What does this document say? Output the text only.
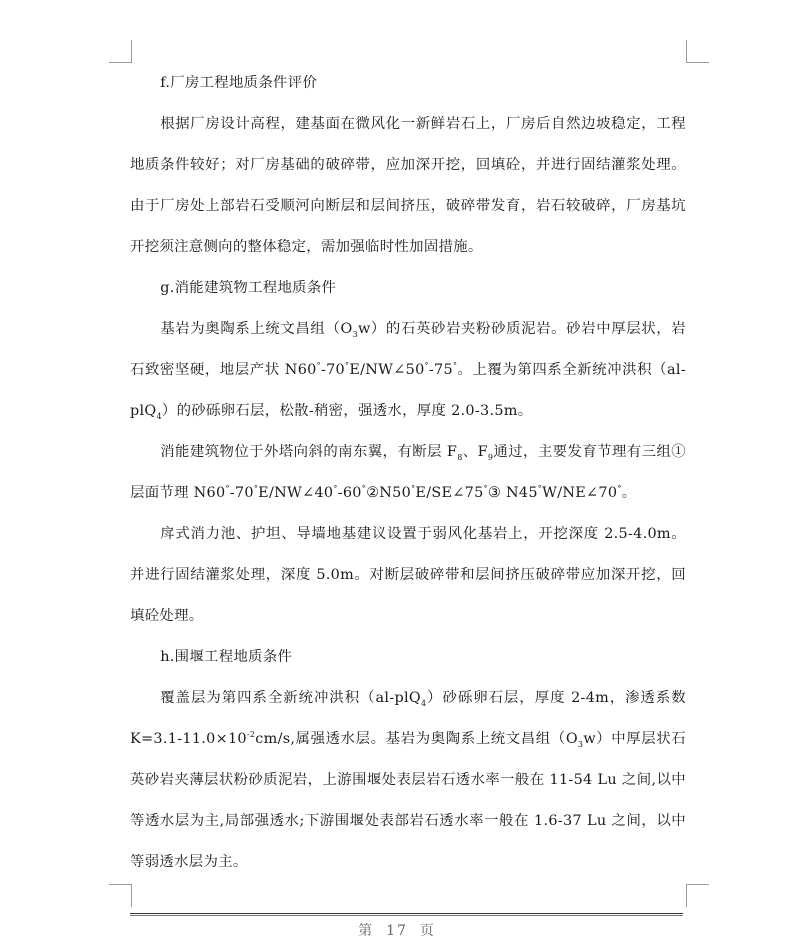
f.厂房工程地质条件评价

根据厂房设计高程，建基面在微风化一新鲜岩石上，厂房后自然边坡稳定，工程地质条件较好；对厂房基础的破碎带，应加深开挖，回填砼，并进行固结灌浆处理。由于厂房处上部岩石受顺河向断层和层间挤压，破碎带发育，岩石较破碎，厂房基坑开挖须注意侧向的整体稳定，需加强临时性加固措施。

g.消能建筑物工程地质条件

基岩为奥陶系上统文昌组$(O_3w)$的石英砂岩夹粉砂质泥岩。砂岩中厚层状，岩石致密坚硬，地层产状 N60°-70°E/NW∠50°-75°。上覆为第四系全新统冲洪积（al-plQ$_4$）的砂砾卵石层，松散-稍密，强透水，厚度 2.0-3.5m。

消能建筑物位于外塔向斜的南东翼，有断层 $F_8$、$F_9$通过，主要发育节理有三组①层面节理 N60°-70°E/NW∠40°-60°②N50°E/SE∠75°③ N45°W/NE∠70°。

戽式消力池、护坦、导墙地基建议设置于弱风化基岩上，开挖深度 2.5-4.0m。并进行固结灌浆处理，深度 5.0m。对断层破碎带和层间挤压破碎带应加深开挖，回填砼处理。

h.围堰工程地质条件

覆盖层为第四系全新统冲洪积（al-plQ$_4$）砂砾卵石层，厚度 2-4m，渗透系数 $K=3.1-11.0\times 10^{-2}cm/s$,属强透水层。基岩为奥陶系上统文昌组$(O_3w)$中厚层状石英砂岩夹薄层状粉砂质泥岩，上游围堰处表层岩石透水率一般在 11-54 Lu 之间,以中等透水层为主,局部强透水;下游围堰处表部岩石透水率一般在 1.6-37 Lu 之间，以中等弱透水层为主。

第 17 页
